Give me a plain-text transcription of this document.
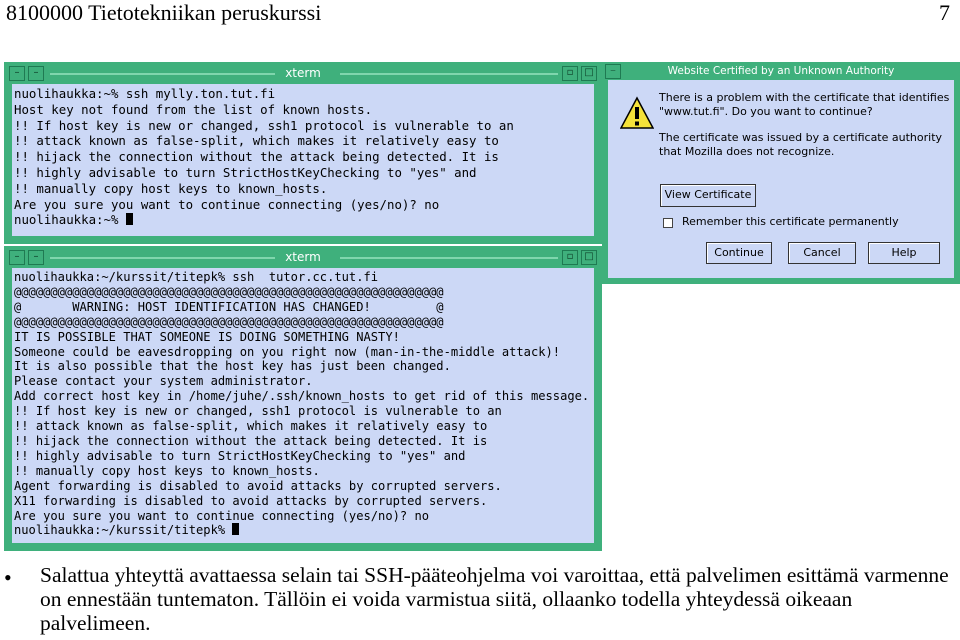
8100000 Tietotekniikan peruskurssi	7
–	–	xterm	▫	□
nuolihaukka:~% ssh mylly.ton.tut.fi
Host key not found from the list of known hosts.
!! If host key is new or changed, ssh1 protocol is vulnerable to an
!! attack known as false-split, which makes it relatively easy to
!! hijack the connection without the attack being detected. It is
!! highly advisable to turn StrictHostKeyChecking to "yes" and
!! manually copy host keys to known_hosts.
Are you sure you want to continue connecting (yes/no)? no
nuolihaukka:~%
–	–	xterm	▫	□
nuolihaukka:~/kurssit/titepk% ssh  tutor.cc.tut.fi
@@@@@@@@@@@@@@@@@@@@@@@@@@@@@@@@@@@@@@@@@@@@@@@@@@@@@@@@@@@
@       WARNING: HOST IDENTIFICATION HAS CHANGED!         @
@@@@@@@@@@@@@@@@@@@@@@@@@@@@@@@@@@@@@@@@@@@@@@@@@@@@@@@@@@@
IT IS POSSIBLE THAT SOMEONE IS DOING SOMETHING NASTY!
Someone could be eavesdropping on you right now (man-in-the-middle attack)!
It is also possible that the host key has just been changed.
Please contact your system administrator.
Add correct host key in /home/juhe/.ssh/known_hosts to get rid of this message.
!! If host key is new or changed, ssh1 protocol is vulnerable to an
!! attack known as false-split, which makes it relatively easy to
!! hijack the connection without the attack being detected. It is
!! highly advisable to turn StrictHostKeyChecking to "yes" and
!! manually copy host keys to known_hosts.
Agent forwarding is disabled to avoid attacks by corrupted servers.
X11 forwarding is disabled to avoid attacks by corrupted servers.
Are you sure you want to continue connecting (yes/no)? no
nuolihaukka:~/kurssit/titepk%
–	Website Certified by an Unknown Authority
There is a problem with the certificate that identifies
"www.tut.fi". Do you want to continue?
The certificate was issued by a certificate authority
that Mozilla does not recognize.
View Certificate
Remember this certificate permanently
Continue	Cancel	Help
• Salattua yhteyttä avattaessa selain tai SSH-pääteohjelma voi varoittaa, että palvelimen esittämä varmenne on ennestään tuntematon. Tällöin ei voida varmistua siitä, ollaanko todella yhteydessä oikeaan palvelimeen.
